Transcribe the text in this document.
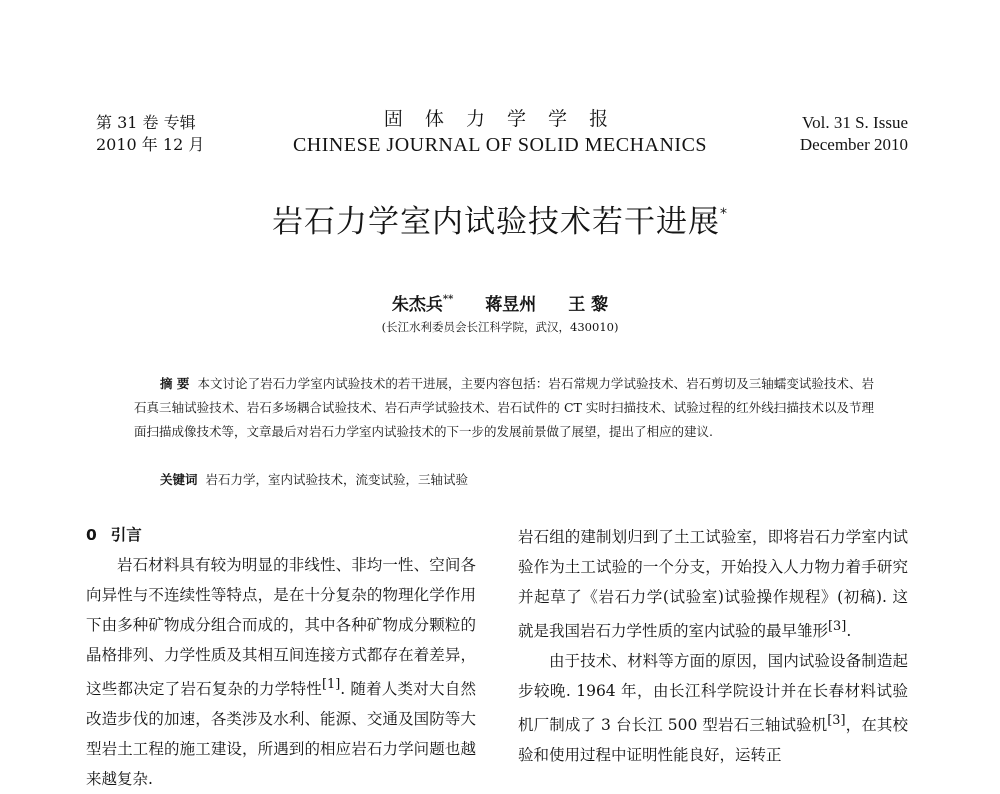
第 31 卷 专辑
2010 年 12 月
固 体 力 学 学 报
CHINESE JOURNAL OF SOLID MECHANICS
Vol. 31 S. Issue
December 2010
岩石力学室内试验技术若干进展*
朱杰兵** 蒋昱州 王 黎
(长江水利委员会长江科学院，武汉，430010)
摘 要 本文讨论了岩石力学室内试验技术的若干进展，主要内容包括：岩石常规力学试验技术、岩石剪切及三轴蠕变试验技术、岩石真三轴试验技术、岩石多场耦合试验技术、岩石声学试验技术、岩石试件的 CT 实时扫描技术、试验过程的红外线扫描技术以及节理面扫描成像技术等，文章最后对岩石力学室内试验技术的下一步的发展前景做了展望，提出了相应的建议.
关键词 岩石力学，室内试验技术，流变试验，三轴试验
0 引言

岩石材料具有较为明显的非线性、非均一性、空间各向异性与不连续性等特点，是在十分复杂的物理化学作用下由多种矿物成分组合而成的，其中各种矿物成分颗粒的晶格排列、力学性质及其相互间连接方式都存在着差异，这些都决定了岩石复杂的力学特性[1]. 随着人类对大自然改造步伐的加速，各类涉及水利、能源、交通及国防等大型岩土工程的施工建设，所遇到的相应岩石力学问题也越来越复杂.

岩石组的建制划归到了土工试验室，即将岩石力学室内试验作为土工试验的一个分支，开始投入人力物力着手研究并起草了《岩石力学(试验室)试验操作规程》(初稿). 这就是我国岩石力学性质的室内试验的最早雏形[3].

由于技术、材料等方面的原因，国内试验设备制造起步较晚. 1964 年，由长江科学院设计并在长春材料试验机厂制成了 3 台长江 500 型岩石三轴试验机[3]，在其校验和使用过程中证明性能良好，运转正
